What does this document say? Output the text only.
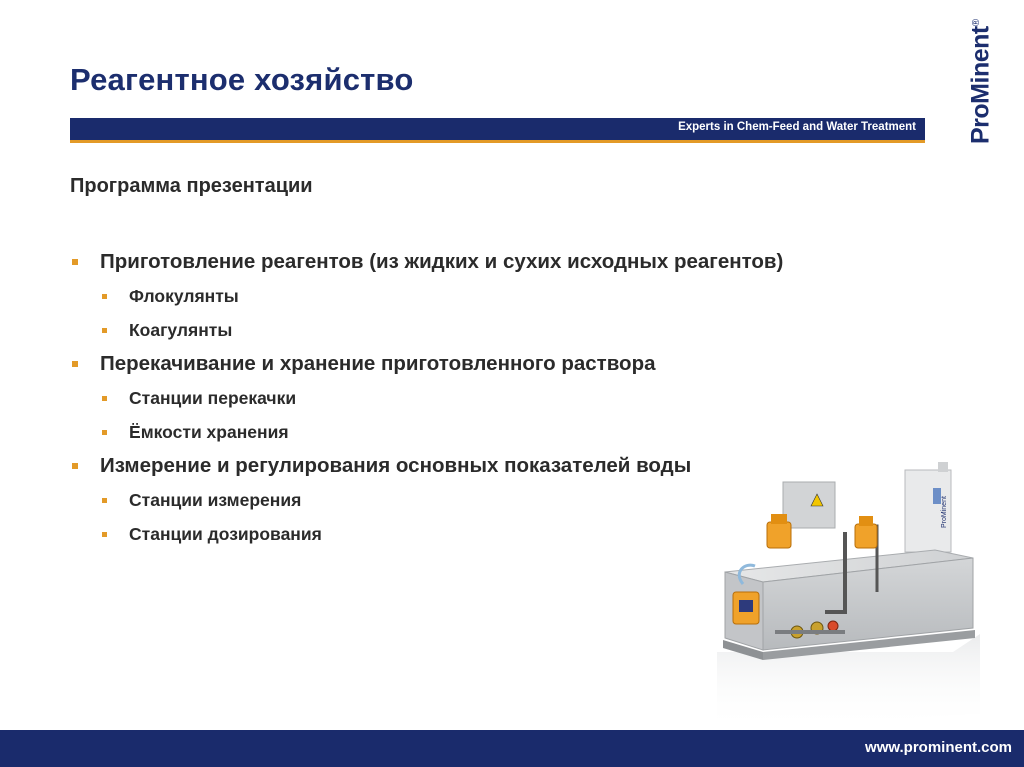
Реагентное хозяйство	ProMinent®
Experts in Chem-Feed and Water Treatment
Программа презентации
Приготовление реагентов (из жидких и сухих исходных реагентов)
Флокулянты
Коагулянты
Перекачивание и хранение приготовленного раствора
Станции перекачки
Ёмкости хранения
Измерение и регулирования основных показателей воды
Станции измерения
Станции дозирования
ProMinent
www.prominent.com
